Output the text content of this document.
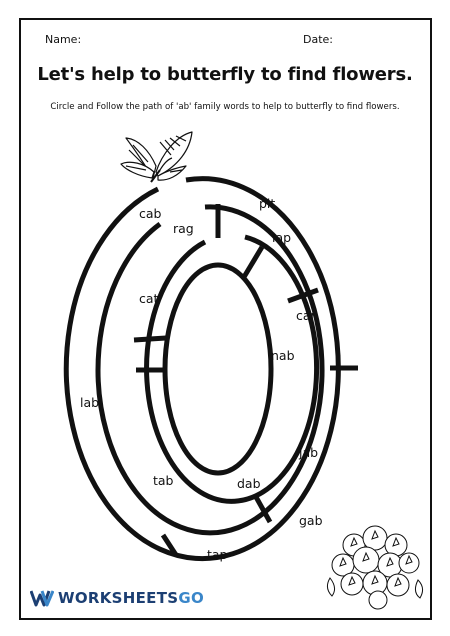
Name:	Date:
Let's help to butterfly to find flowers.
Circle and Follow the path of 'ab' family words to help to butterfly to find flowers.
cab
pit
rag
lap
cat
can
nab
lab
jab
tab	dab
gab
tap
WORKSHEETSGO
